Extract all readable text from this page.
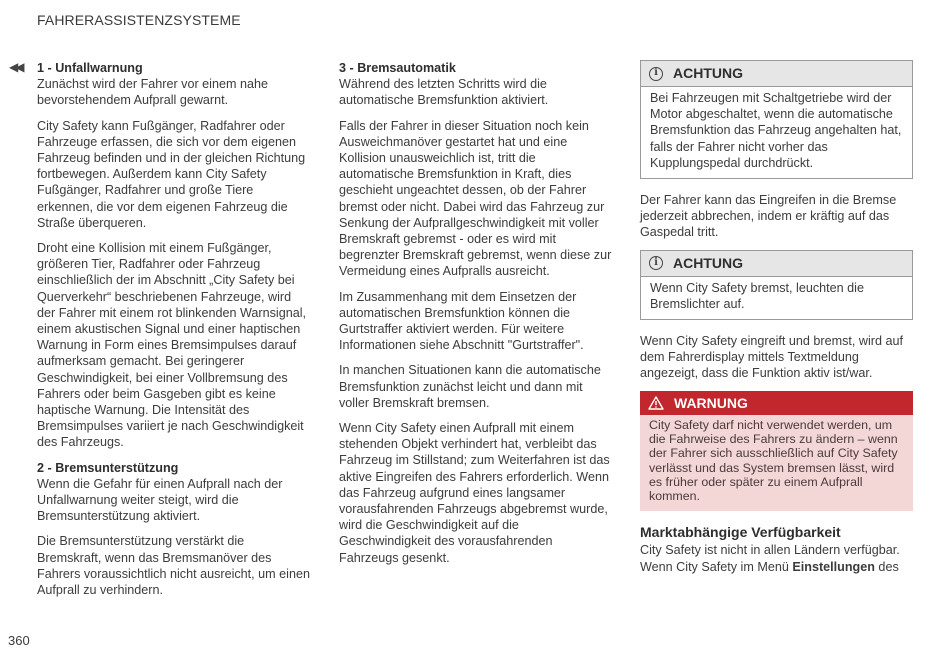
FAHRERASSISTENZSYSTEME
◀◀ 1 - Unfallwarnung

Zunächst wird der Fahrer vor einem nahe bevorstehendem Aufprall gewarnt.

City Safety kann Fußgänger, Radfahrer oder Fahrzeuge erfassen, die sich vor dem eigenen Fahrzeug befinden und in der gleichen Richtung fortbewegen. Außerdem kann City Safety Fußgänger, Radfahrer und große Tiere erkennen, die vor dem eigenen Fahrzeug die Straße überqueren.

Droht eine Kollision mit einem Fußgänger, größeren Tier, Radfahrer oder Fahrzeug einschließlich der im Abschnitt „City Safety bei Querverkehr“ beschriebenen Fahrzeuge, wird der Fahrer mit einem rot blinkenden Warnsignal, einem akustischen Signal und einer haptischen Warnung in Form eines Bremsimpulses darauf aufmerksam gemacht. Bei geringerer Geschwindigkeit, bei einer Vollbremsung des Fahrers oder beim Gasgeben gibt es keine haptische Warnung. Die Intensität des Bremsimpulses variiert je nach Geschwindigkeit des Fahrzeugs.

2 - Bremsunterstützung

Wenn die Gefahr für einen Aufprall nach der Unfallwarnung weiter steigt, wird die Bremsunterstützung aktiviert.

Die Bremsunterstützung verstärkt die Bremskraft, wenn das Bremsmanöver des Fahrers voraussichtlich nicht ausreicht, um einen Aufprall zu verhindern.

3 - Bremsautomatik

Während des letzten Schritts wird die automatische Bremsfunktion aktiviert.

Falls der Fahrer in dieser Situation noch kein Ausweichmanöver gestartet hat und eine Kollision unausweichlich ist, tritt die automatische Bremsfunktion in Kraft, dies geschieht ungeachtet dessen, ob der Fahrer bremst oder nicht. Dabei wird das Fahrzeug zur Senkung der Aufprallgeschwindigkeit mit voller Bremskraft gebremst - oder es wird mit begrenzter Bremskraft gebremst, wenn diese zur Vermeidung eines Aufpralls ausreicht.

Im Zusammenhang mit dem Einsetzen der automatischen Bremsfunktion können die Gurtstraffer aktiviert werden. Für weitere Informationen siehe Abschnitt "Gurtstraffer".

In manchen Situationen kann die automatische Bremsfunktion zunächst leicht und dann mit voller Bremskraft bremsen.

Wenn City Safety einen Aufprall mit einem stehenden Objekt verhindert hat, verbleibt das Fahrzeug im Stillstand; zum Weiterfahren ist das aktive Eingreifen des Fahrers erforderlich. Wenn das Fahrzeug aufgrund eines langsamer vorausfahrenden Fahrzeugs abgebremst wurde, wird die Geschwindigkeit auf die Geschwindigkeit des vorausfahrenden Fahrzeugs gesenkt.

i	ACHTUNG
Bei Fahrzeugen mit Schaltgetriebe wird der Motor abgeschaltet, wenn die automatische Bremsfunktion das Fahrzeug angehalten hat, falls der Fahrer nicht vorher das Kupplungspedal durchdrückt.

Der Fahrer kann das Eingreifen in die Bremse jederzeit abbrechen, indem er kräftig auf das Gaspedal tritt.

i	ACHTUNG
Wenn City Safety bremst, leuchten die Bremslichter auf.

Wenn City Safety eingreift und bremst, wird auf dem Fahrerdisplay mittels Textmeldung angezeigt, dass die Funktion aktiv ist/war.

WARNUNG
City Safety darf nicht verwendet werden, um die Fahrweise des Fahrers zu ändern – wenn der Fahrer sich ausschließlich auf City Safety verlässt und das System bremsen lässt, wird es früher oder später zu einem Aufprall kommen.
Marktabhängige Verfügbarkeit

City Safety ist nicht in allen Ländern verfügbar. Wenn City Safety im Menü Einstellungen des

360
